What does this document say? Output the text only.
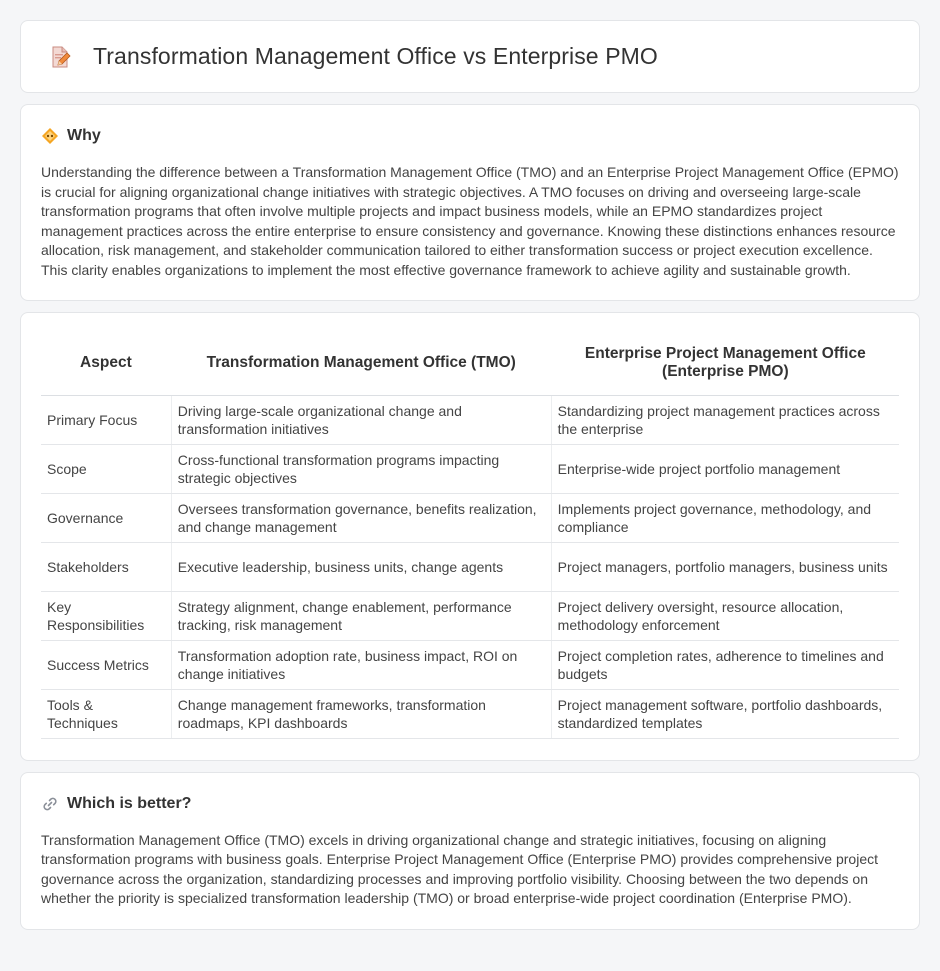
Transformation Management Office vs Enterprise PMO
Why

Understanding the difference between a Transformation Management Office (TMO) and an Enterprise Project Management Office (EPMO) is crucial for aligning organizational change initiatives with strategic objectives. A TMO focuses on driving and overseeing large-scale transformation programs that often involve multiple projects and impact business models, while an EPMO standardizes project management practices across the entire enterprise to ensure consistency and governance. Knowing these distinctions enhances resource allocation, risk management, and stakeholder communication tailored to either transformation success or project execution excellence. This clarity enables organizations to implement the most effective governance framework to achieve agility and sustainable growth.

Aspect	Transformation Management Office (TMO)	Enterprise Project Management Office (Enterprise PMO)
Primary Focus	Driving large-scale organizational change and transformation initiatives	Standardizing project management practices across the enterprise
Scope	Cross-functional transformation programs impacting strategic objectives	Enterprise-wide project portfolio management
Governance	Oversees transformation governance, benefits realization, and change management	Implements project governance, methodology, and compliance
Stakeholders	Executive leadership, business units, change agents	Project managers, portfolio managers, business units
Key Responsibilities	Strategy alignment, change enablement, performance tracking, risk management	Project delivery oversight, resource allocation, methodology enforcement
Success Metrics	Transformation adoption rate, business impact, ROI on change initiatives	Project completion rates, adherence to timelines and budgets
Tools & Techniques	Change management frameworks, transformation roadmaps, KPI dashboards	Project management software, portfolio dashboards, standardized templates
Which is better?

Transformation Management Office (TMO) excels in driving organizational change and strategic initiatives, focusing on aligning transformation programs with business goals. Enterprise Project Management Office (Enterprise PMO) provides comprehensive project governance across the organization, standardizing processes and improving portfolio visibility. Choosing between the two depends on whether the priority is specialized transformation leadership (TMO) or broad enterprise-wide project coordination (Enterprise PMO).
